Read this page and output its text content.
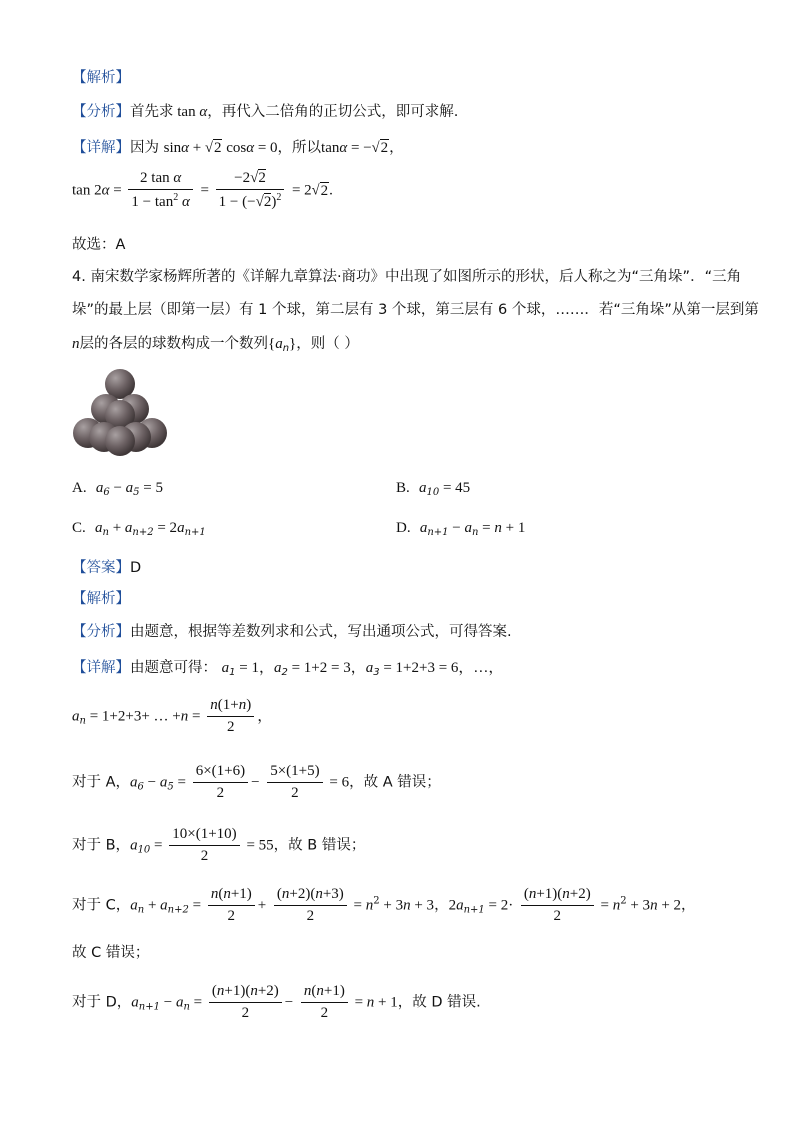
【解析】
【分析】首先求 tan α，再代入二倍角的正切公式，即可求解.
【详解】因为 sinα + √2 cosα = 0，所以tanα = −√2，
$\tan 2\alpha = \frac{\text{2 tan α}}{1 - \tan^2 \alpha} = \frac{-2√2}{1 - (-√2)^2} = 2√2$.
故选：A
4. 南宋数学家杨辉所著的《详解九章算法·商功》中出现了如图所示的形状，后人称之为“三角垛”．“三角
垛”的最上层（即第一层）有 1 个球，第二层有 3 个球，第三层有 6 个球，……．若“三角垛”从第一层到第
n层的各层的球数构成一个数列$\{a_n\}$，则（ ）
A. $a_6 - a_5 = 5$	B. $a_{10} = 45$
C. $a_n + a_{n+2} = 2a_{n+1}$	D. $a_{n+1} - a_n = n + 1$
【答案】D
【解析】
【分析】由题意，根据等差数列求和公式，写出通项公式，可得答案.
【详解】由题意可得： $a_1 = 1$，$a_2 = 1+2 = 3$，$a_3 = 1+2+3 = 6$，…，
$a_n = 1+2+3+$ … $+n = \frac{n(1+n)}{2}$ ，
对于 A，$a_6 - a_5 = \frac{6\times(1+6)}{2} - \frac{5\times(1+5)}{2} = 6$，故 A 错误；
对于 B，$a_{10} = \frac{10\times(1+10)}{2} = 55$，故 B 错误；
对于 C，$a_n + a_{n+2} = \frac{n(n+1)}{2} + \frac{(n+2)(n+3)}{2} = n^2 + 3n + 3$，$2a_{n+1} = 2\cdot \frac{(n+1)(n+2)}{2} = n^2 + 3n + 2$，
故 C 错误；
对于 D，$a_{n+1} - a_n = \frac{(n+1)(n+2)}{2} - \frac{n(n+1)}{2} = n + 1$，故 D 错误.
